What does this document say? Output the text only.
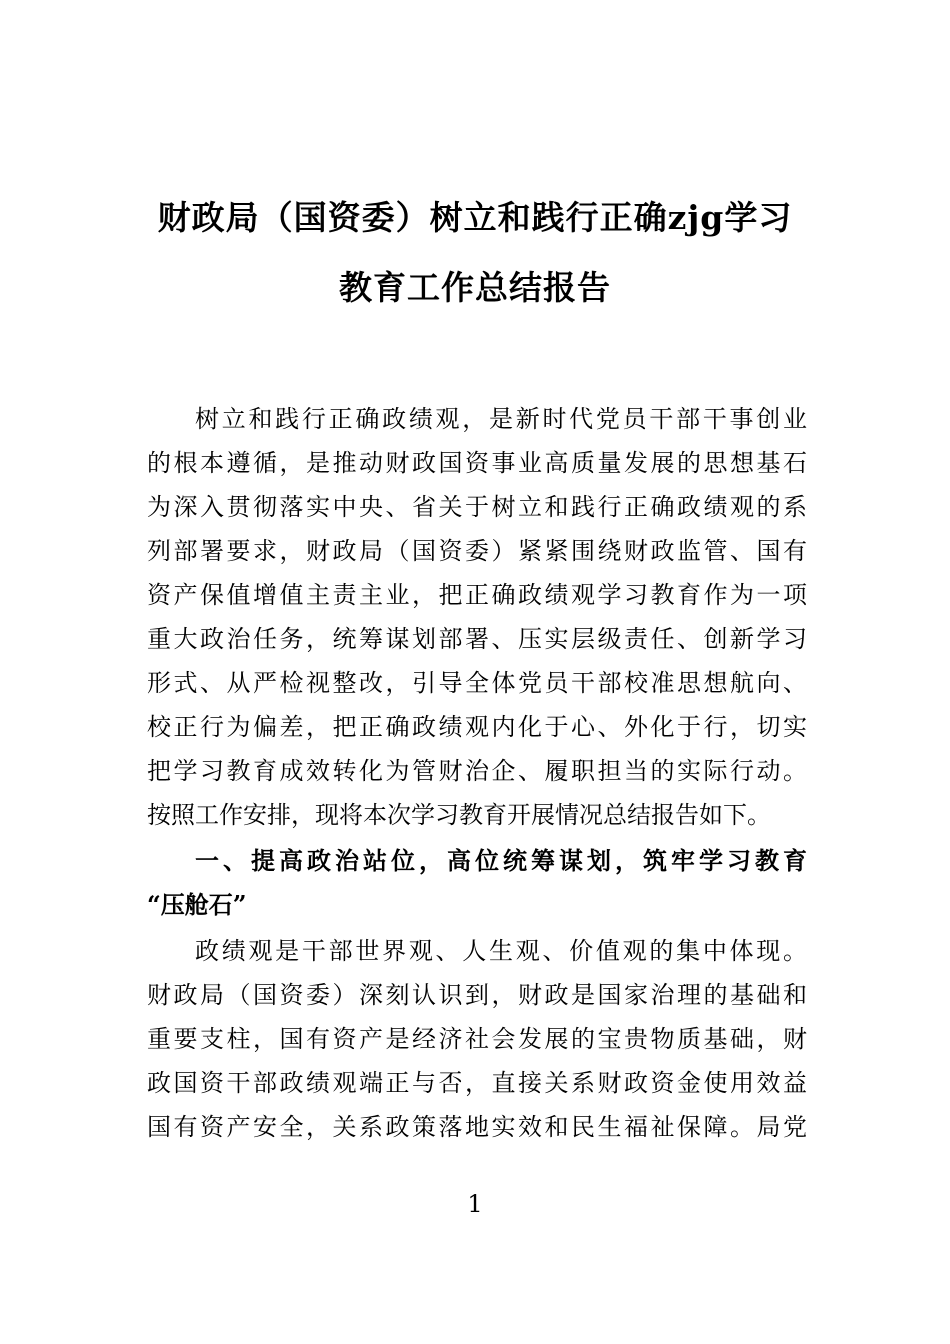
财政局（国资委）树立和践行正确zjg学习
教育工作总结报告
树立和践行正确政绩观，是新时代党员干部干事创业
的根本遵循，是推动财政国资事业高质量发展的思想基石
为深入贯彻落实中央、省关于树立和践行正确政绩观的系
列部署要求，财政局（国资委）紧紧围绕财政监管、国有
资产保值增值主责主业，把正确政绩观学习教育作为一项
重大政治任务，统筹谋划部署、压实层级责任、创新学习
形式、从严检视整改，引导全体党员干部校准思想航向、
校正行为偏差，把正确政绩观内化于心、外化于行，切实
把学习教育成效转化为管财治企、履职担当的实际行动。
按照工作安排，现将本次学习教育开展情况总结报告如下。
一、提高政治站位，高位统筹谋划，筑牢学习教育
“压舱石”
政绩观是干部世界观、人生观、价值观的集中体现。
财政局（国资委）深刻认识到，财政是国家治理的基础和
重要支柱，国有资产是经济社会发展的宝贵物质基础，财
政国资干部政绩观端正与否，直接关系财政资金使用效益
国有资产安全，关系政策落地实效和民生福祉保障。局党
1
